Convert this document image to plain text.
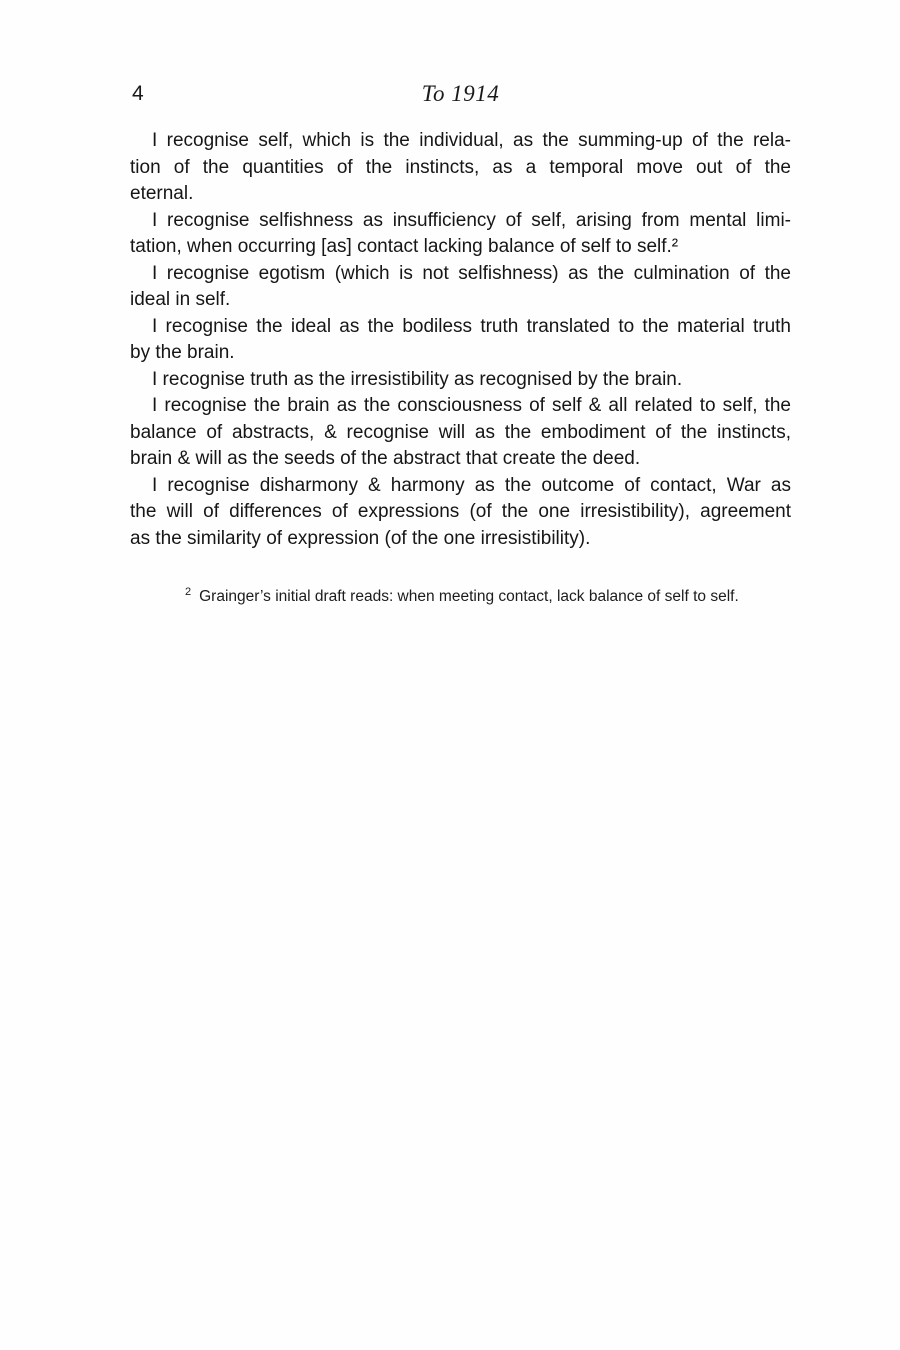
4	To 1914
I recognise self, which is the individual, as the summing-up of the rela-
tion of the quantities of the instincts, as a temporal move out of the
eternal.
I recognise selfishness as insufficiency of self, arising from mental limi-
tation, when occurring [as] contact lacking balance of self to self.²
I recognise egotism (which is not selfishness) as the culmination of the
ideal in self.
I recognise the ideal as the bodiless truth translated to the material truth
by the brain.
I recognise truth as the irresistibility as recognised by the brain.
I recognise the brain as the consciousness of self & all related to self, the
balance of abstracts, & recognise will as the embodiment of the instincts,
brain & will as the seeds of the abstract that create the deed.
I recognise disharmony & harmony as the outcome of contact, War as
the will of differences of expressions (of the one irresistibility), agreement
as the similarity of expression (of the one irresistibility).
$^2$ Grainger’s initial draft reads: when meeting contact, lack balance of self to self.
